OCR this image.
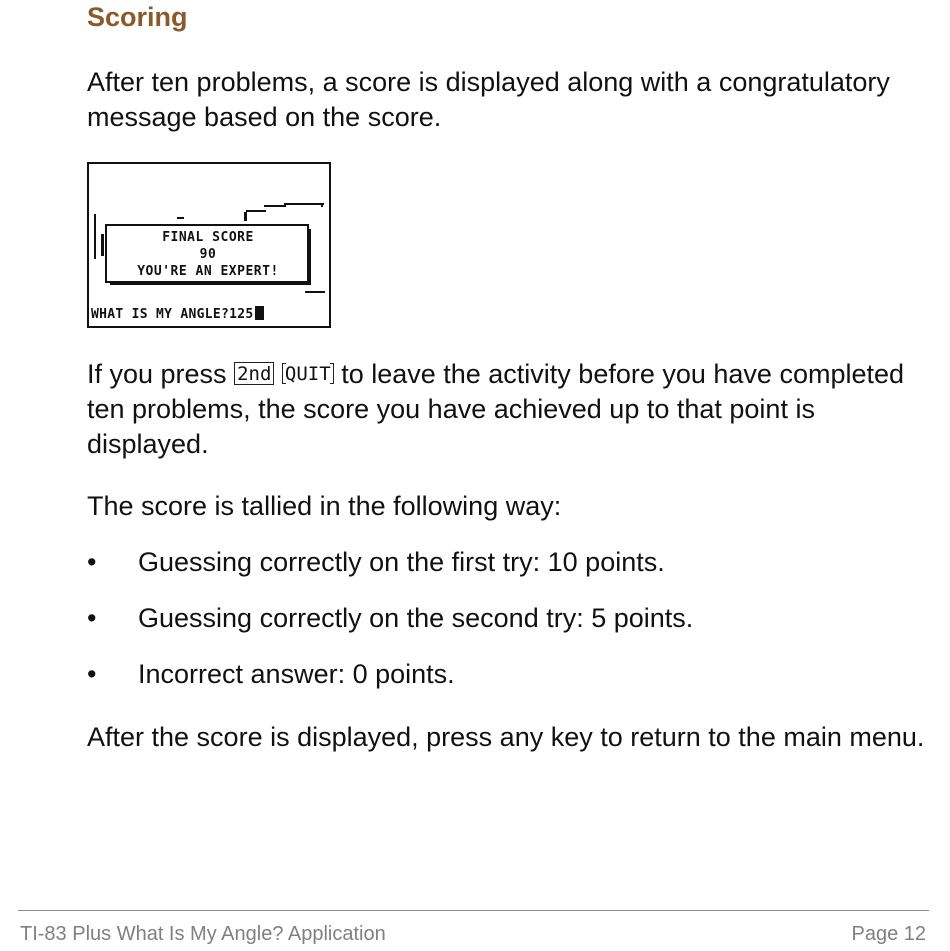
Scoring

After ten problems, a score is displayed along with a congratulatory message based on the score.

FINAL SCORE
90
YOU'RE AN EXPERT!
WHAT IS MY ANGLE?125

If you press 2nd QUIT to leave the activity before you have completed ten problems, the score you have achieved up to that point is displayed.

The score is tallied in the following way:

• Guessing correctly on the first try: 10 points.
• Guessing correctly on the second try: 5 points.
• Incorrect answer: 0 points.

After the score is displayed, press any key to return to the main menu.

TI-83 Plus What Is My Angle? Application	Page 12
